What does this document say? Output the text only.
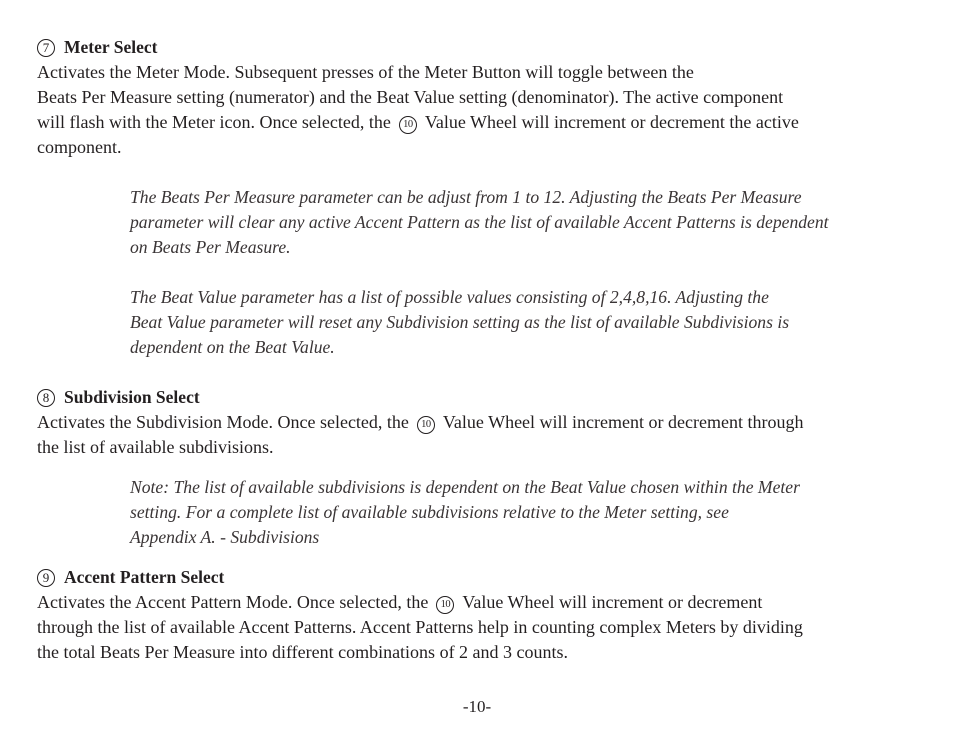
7 Meter Select

Activates the Meter Mode. Subsequent presses of the Meter Button will toggle between the
Beats Per Measure setting (numerator) and the Beat Value setting (denominator). The active component
will flash with the Meter icon. Once selected, the 10 Value Wheel will increment or decrement the active
component.

The Beats Per Measure parameter can be adjust from 1 to 12. Adjusting the Beats Per Measure
parameter will clear any active Accent Pattern as the list of available Accent Patterns is dependent
on Beats Per Measure.

The Beat Value parameter has a list of possible values consisting of 2,4,8,16. Adjusting the
Beat Value parameter will reset any Subdivision setting as the list of available Subdivisions is
dependent on the Beat Value.

8 Subdivision Select

Activates the Subdivision Mode. Once selected, the 10 Value Wheel will increment or decrement through
the list of available subdivisions.

Note: The list of available subdivisions is dependent on the Beat Value chosen within the Meter
setting. For a complete list of available subdivisions relative to the Meter setting, see
Appendix A. - Subdivisions

9 Accent Pattern Select

Activates the Accent Pattern Mode. Once selected, the 10 Value Wheel will increment or decrement
through the list of available Accent Patterns. Accent Patterns help in counting complex Meters by dividing
the total Beats Per Measure into different combinations of 2 and 3 counts.

-10-
